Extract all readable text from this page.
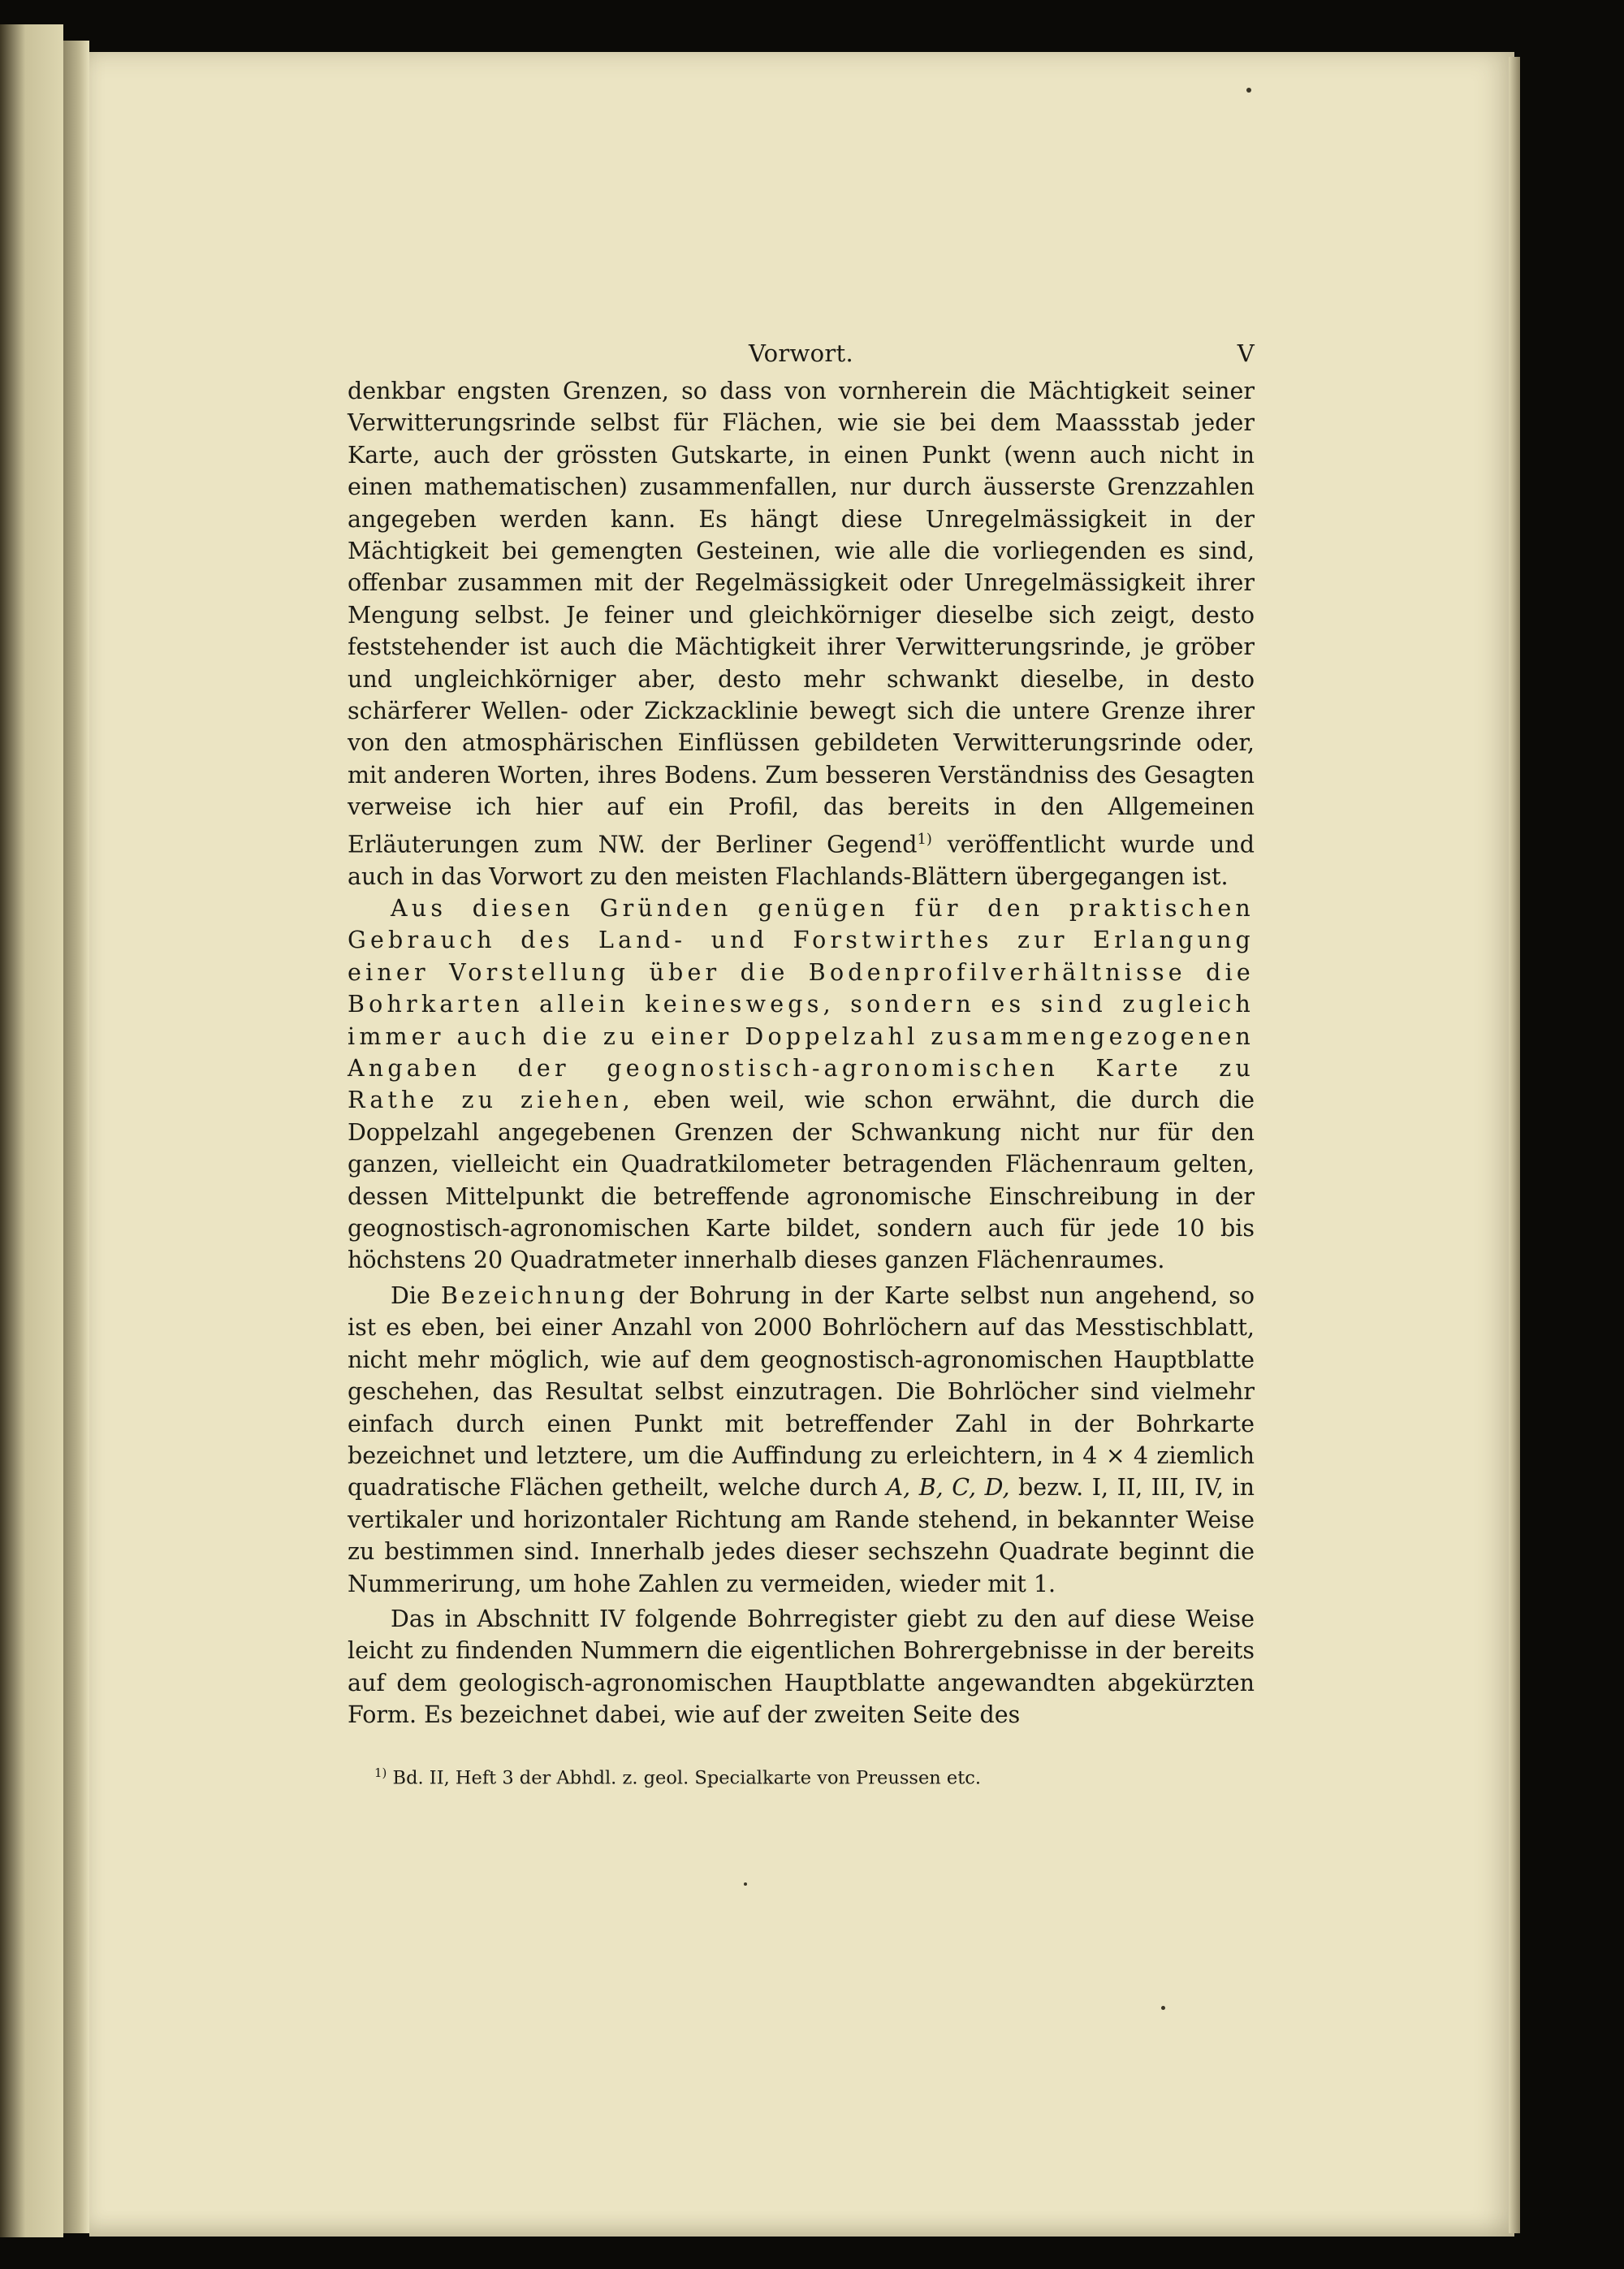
Vorwort.	V

denkbar engsten Grenzen, so dass von vornherein die Mächtigkeit seiner Verwitterungsrinde selbst für Flächen, wie sie bei dem Maassstab jeder Karte, auch der grössten Gutskarte, in einen Punkt (wenn auch nicht in einen mathematischen) zusammenfallen, nur durch äusserste Grenzzahlen angegeben werden kann. Es hängt diese Unregelmässigkeit in der Mächtigkeit bei gemengten Gesteinen, wie alle die vorliegenden es sind, offenbar zusammen mit der Regelmässigkeit oder Unregelmässigkeit ihrer Mengung selbst. Je feiner und gleichkörniger dieselbe sich zeigt, desto feststehender ist auch die Mächtigkeit ihrer Verwitterungsrinde, je gröber und ungleichkörniger aber, desto mehr schwankt dieselbe, in desto schärferer Wellen- oder Zickzacklinie bewegt sich die untere Grenze ihrer von den atmosphärischen Einflüssen gebildeten Verwitterungsrinde oder, mit anderen Worten, ihres Bodens. Zum besseren Verständniss des Gesagten verweise ich hier auf ein Profil, das bereits in den Allgemeinen Erläuterungen zum NW. der Berliner Gegend$^{1)}$ veröffentlicht wurde und auch in das Vorwort zu den meisten Flachlands-Blättern übergegangen ist.

Aus diesen Gründen genügen für den praktischen Gebrauch des Land- und Forstwirthes zur Erlangung einer Vorstellung über die Bodenprofilverhältnisse die Bohrkarten allein keineswegs, sondern es sind zugleich immer auch die zu einer Doppelzahl zusammengezogenen Angaben der geognostisch-agronomischen Karte zu Rathe zu ziehen, eben weil, wie schon erwähnt, die durch die Doppelzahl angegebenen Grenzen der Schwankung nicht nur für den ganzen, vielleicht ein Quadratkilometer betragenden Flächenraum gelten, dessen Mittelpunkt die betreffende agronomische Einschreibung in der geognostisch-agronomischen Karte bildet, sondern auch für jede 10 bis höchstens 20 Quadratmeter innerhalb dieses ganzen Flächenraumes.

Die Bezeichnung der Bohrung in der Karte selbst nun angehend, so ist es eben, bei einer Anzahl von 2000 Bohrlöchern auf das Messtischblatt, nicht mehr möglich, wie auf dem geognostisch-agronomischen Hauptblatte geschehen, das Resultat selbst einzutragen. Die Bohrlöcher sind vielmehr einfach durch einen Punkt mit betreffender Zahl in der Bohrkarte bezeichnet und letztere, um die Auffindung zu erleichtern, in 4 × 4 ziemlich quadratische Flächen getheilt, welche durch A, B, C, D, bezw. I, II, III, IV, in vertikaler und horizontaler Richtung am Rande stehend, in bekannter Weise zu bestimmen sind. Innerhalb jedes dieser sechszehn Quadrate beginnt die Nummerirung, um hohe Zahlen zu vermeiden, wieder mit 1.

Das in Abschnitt IV folgende Bohrregister giebt zu den auf diese Weise leicht zu findenden Nummern die eigentlichen Bohrergebnisse in der bereits auf dem geologisch-agronomischen Hauptblatte angewandten abgekürzten Form. Es bezeichnet dabei, wie auf der zweiten Seite des

$^{1)}$ Bd. II, Heft 3 der Abhdl. z. geol. Specialkarte von Preussen etc.
